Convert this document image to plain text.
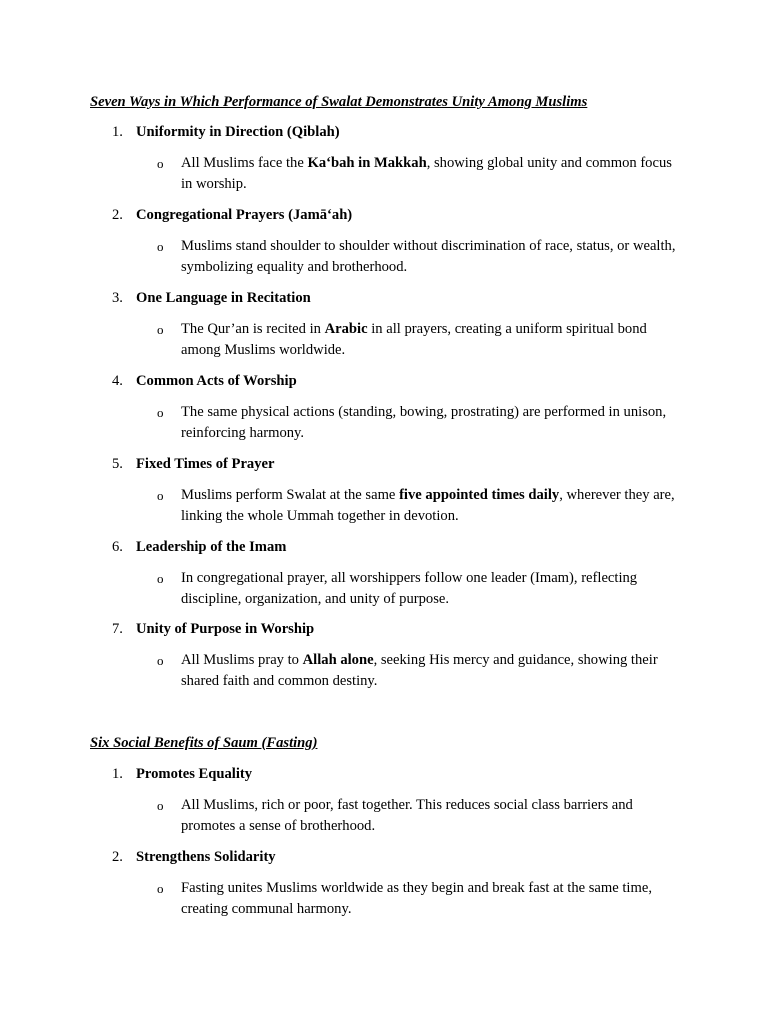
Seven Ways in Which Performance of Swalat Demonstrates Unity Among Muslims
1. Uniformity in Direction (Qiblah)
o All Muslims face the Ka‘bah in Makkah, showing global unity and common focus in worship.
2. Congregational Prayers (Jamā‘ah)
o Muslims stand shoulder to shoulder without discrimination of race, status, or wealth, symbolizing equality and brotherhood.
3. One Language in Recitation
o The Qur’an is recited in Arabic in all prayers, creating a uniform spiritual bond among Muslims worldwide.
4. Common Acts of Worship
o The same physical actions (standing, bowing, prostrating) are performed in unison, reinforcing harmony.
5. Fixed Times of Prayer
o Muslims perform Swalat at the same five appointed times daily, wherever they are, linking the whole Ummah together in devotion.
6. Leadership of the Imam
o In congregational prayer, all worshippers follow one leader (Imam), reflecting discipline, organization, and unity of purpose.
7. Unity of Purpose in Worship
o All Muslims pray to Allah alone, seeking His mercy and guidance, showing their shared faith and common destiny.
Six Social Benefits of Saum (Fasting)
1. Promotes Equality
o All Muslims, rich or poor, fast together. This reduces social class barriers and promotes a sense of brotherhood.
2. Strengthens Solidarity
o Fasting unites Muslims worldwide as they begin and break fast at the same time, creating communal harmony.
